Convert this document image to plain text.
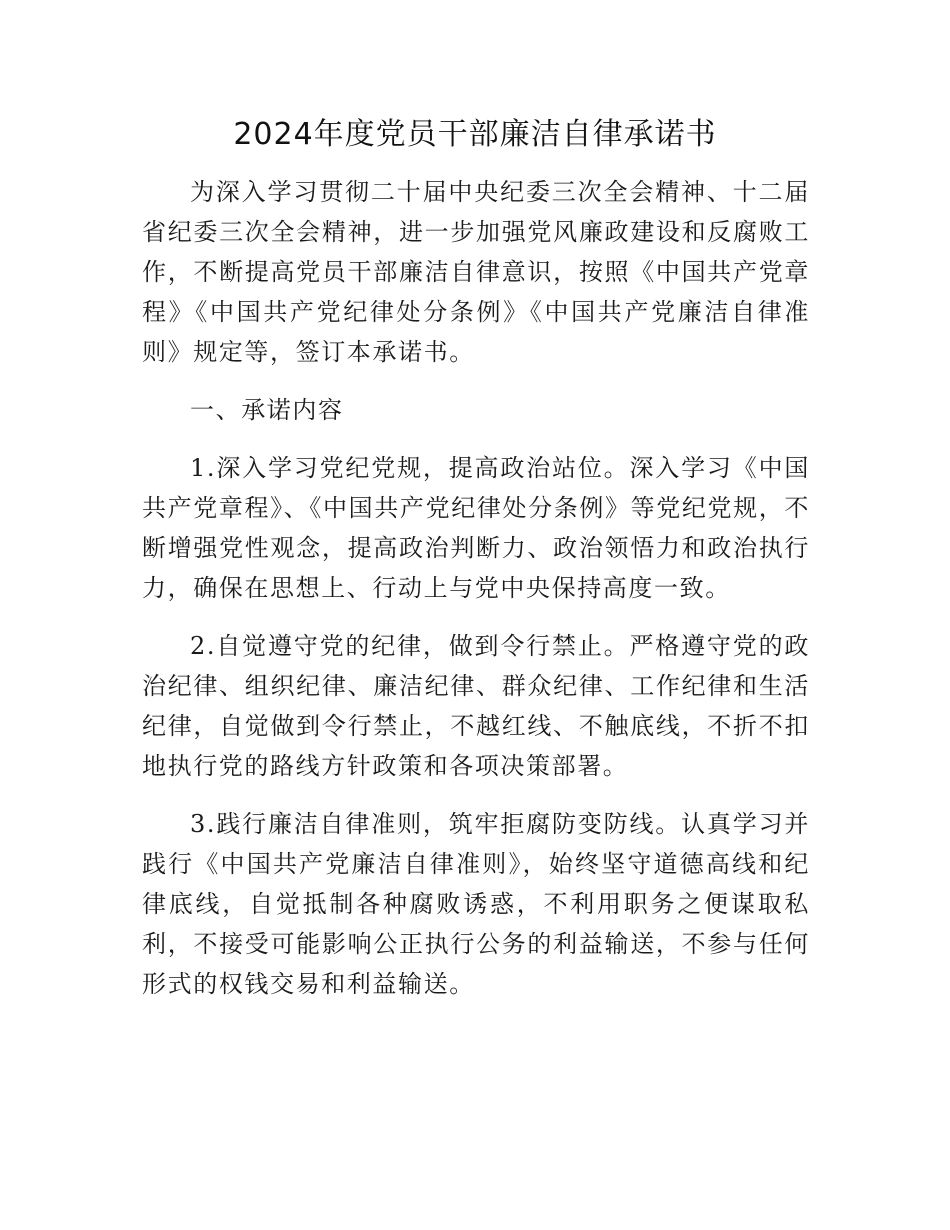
2024年度党员干部廉洁自律承诺书

为深入学习贯彻二十届中央纪委三次全会精神、十二届省纪委三次全会精神，进一步加强党风廉政建设和反腐败工作，不断提高党员干部廉洁自律意识，按照《中国共产党章程》《中国共产党纪律处分条例》《中国共产党廉洁自律准则》规定等，签订本承诺书。

一、承诺内容

1.深入学习党纪党规，提高政治站位。深入学习《中国共产党章程》、《中国共产党纪律处分条例》等党纪党规，不断增强党性观念，提高政治判断力、政治领悟力和政治执行力，确保在思想上、行动上与党中央保持高度一致。

2.自觉遵守党的纪律，做到令行禁止。严格遵守党的政治纪律、组织纪律、廉洁纪律、群众纪律、工作纪律和生活纪律，自觉做到令行禁止，不越红线、不触底线，不折不扣地执行党的路线方针政策和各项决策部署。

3.践行廉洁自律准则，筑牢拒腐防变防线。认真学习并践行《中国共产党廉洁自律准则》，始终坚守道德高线和纪律底线，自觉抵制各种腐败诱惑，不利用职务之便谋取私利，不接受可能影响公正执行公务的利益输送，不参与任何形式的权钱交易和利益输送。
